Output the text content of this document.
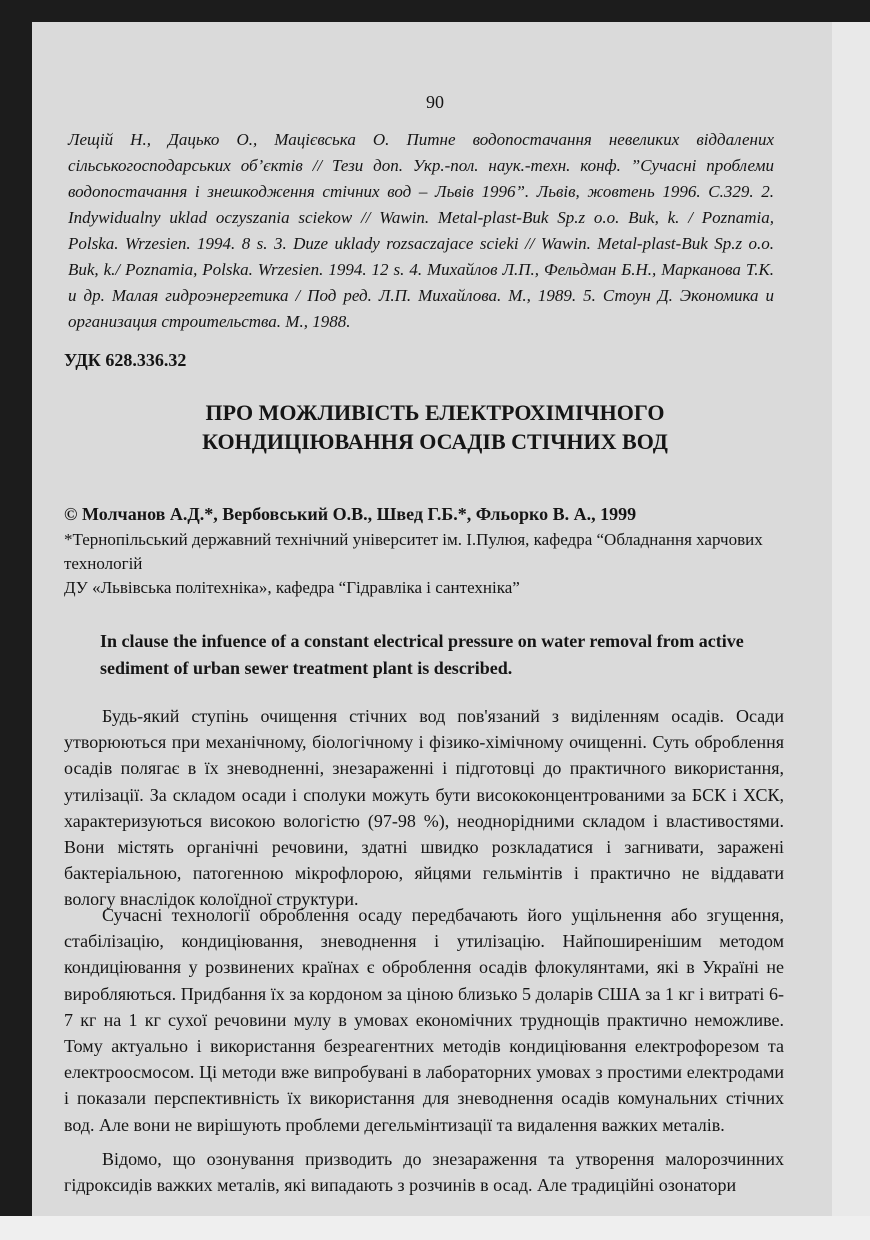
90
Лещій Н., Дацько О., Мацієвська О. Питне водопостачання невеликих віддалених сільськогосподарських об’єктів // Тези доп. Укр.-пол. наук.-техн. конф. ”Сучасні проблеми водопостачання і знешкодження стічних вод – Львів 1996”. Львів, жовтень 1996. С.329. 2. Indywidualny uklad oczyszania sciekow // Wawin. Metal-plast-Buk Sp.z o.o. Buk, k. / Poznamia, Polska. Wrzesien. 1994. 8 s. 3. Duze uklady rozsaczajace scieki // Wawin. Metal-plast-Buk Sp.z o.o. Buk, k./ Poznamia, Polska. Wrzesien. 1994. 12 s. 4. Михайлов Л.П., Фельдман Б.Н., Марканова Т.К. и др. Малая гидроэнергетика / Под ред. Л.П. Михайлова. М., 1989. 5. Стоун Д. Экономика и организация строительства. М., 1988.
УДК 628.336.32
ПРО МОЖЛИВІСТЬ ЕЛЕКТРОХІМІЧНОГО
КОНДИЦІЮВАННЯ ОСАДІВ СТІЧНИХ ВОД
© Молчанов А.Д.*, Вербовський О.В., Швед Г.Б.*, Фльорко В. А., 1999
*Тернопільський державний технічний університет ім. І.Пулюя, кафедра “Обладнання харчових технологій
ДУ «Львівська політехніка», кафедра “Гідравліка і сантехніка”
In clause the infuence of a constant electrical pressure on water removal from active sediment of urban sewer treatment plant is described.

Будь-який ступінь очищення стічних вод пов'язаний з виділенням осадів. Осади утворюються при механічному, біологічному і фізико-хімічному очищенні. Суть оброблення осадів полягає в їх зневодненні, знезараженні і підготовці до практичного використання, утилізації. За складом осади і сполуки можуть бути висококонцентрованими за БСК і ХСК, характеризуються високою вологістю (97-98 %), неоднорідними складом і властивостями. Вони містять органічні речовини, здатні швидко розкладатися і загнивати, заражені бактеріальною, патогенною мікрофлорою, яйцями гельмінтів і практично не віддавати вологу внаслідок колоїдної структури.

Сучасні технології оброблення осаду передбачають його ущільнення або згущення, стабілізацію, кондиціювання, зневоднення і утилізацію. Найпоширенішим методом кондиціювання у розвинених країнах є оброблення осадів флокулянтами, які в Україні не виробляються. Придбання їх за кордоном за ціною близько 5 доларів США за 1 кг і витраті 6-7 кг на 1 кг сухої речовини мулу в умовах економічних труднощів практично неможливе. Тому актуально і використання безреагентних методів кондиціювання електрофорезом та електроосмосом. Ці методи вже випробувані в лабораторних умовах з простими електродами і показали перспективність їх використання для зневоднення осадів комунальних стічних вод. Але вони не вирішують проблеми дегельмінтизації та видалення важких металів.

Відомо, що озонування призводить до знезараження та утворення малорозчинних гідроксидів важких металів, які випадають з розчинів в осад. Але традиційні озонатори
